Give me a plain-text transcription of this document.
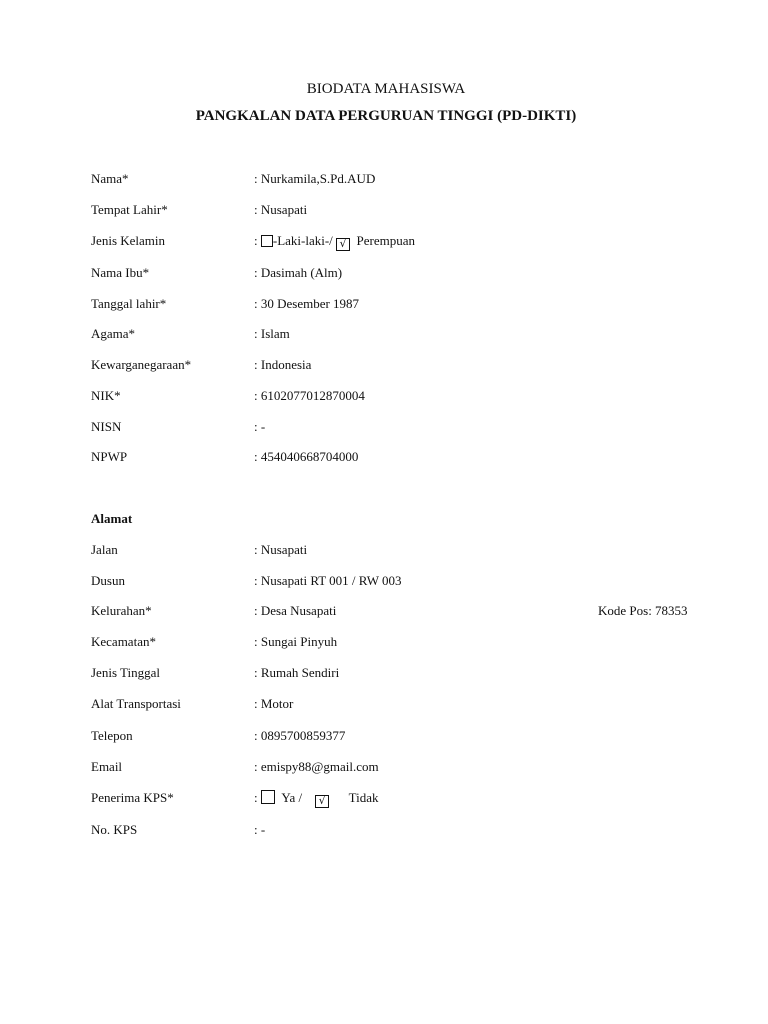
BIODATA MAHASISWA
PANGKALAN DATA PERGURUAN TINGGI (PD-DIKTI)
Nama*	: Nurkamila,S.Pd.AUD
Tempat Lahir*	: Nusapati
Jenis Kelamin	: -Laki-laki-/ √ Perempuan
Nama Ibu*	: Dasimah (Alm)
Tanggal lahir*	: 30 Desember 1987
Agama*	: Islam
Kewarganegaraan*	: Indonesia
NIK*	: 6102077012870004
NISN	: -
NPWP	: 454040668704000
Alamat
Jalan	: Nusapati
Dusun	: Nusapati RT 001 / RW 003
Kelurahan*	: Desa Nusapati	Kode Pos: 78353
Kecamatan*	: Sungai Pinyuh
Jenis Tinggal	: Rumah Sendiri
Alat Transportasi	: Motor
Telepon	: 0895700859377
Email	: emispy88@gmail.com
Penerima KPS*	: Ya / √ Tidak
No. KPS	: -
